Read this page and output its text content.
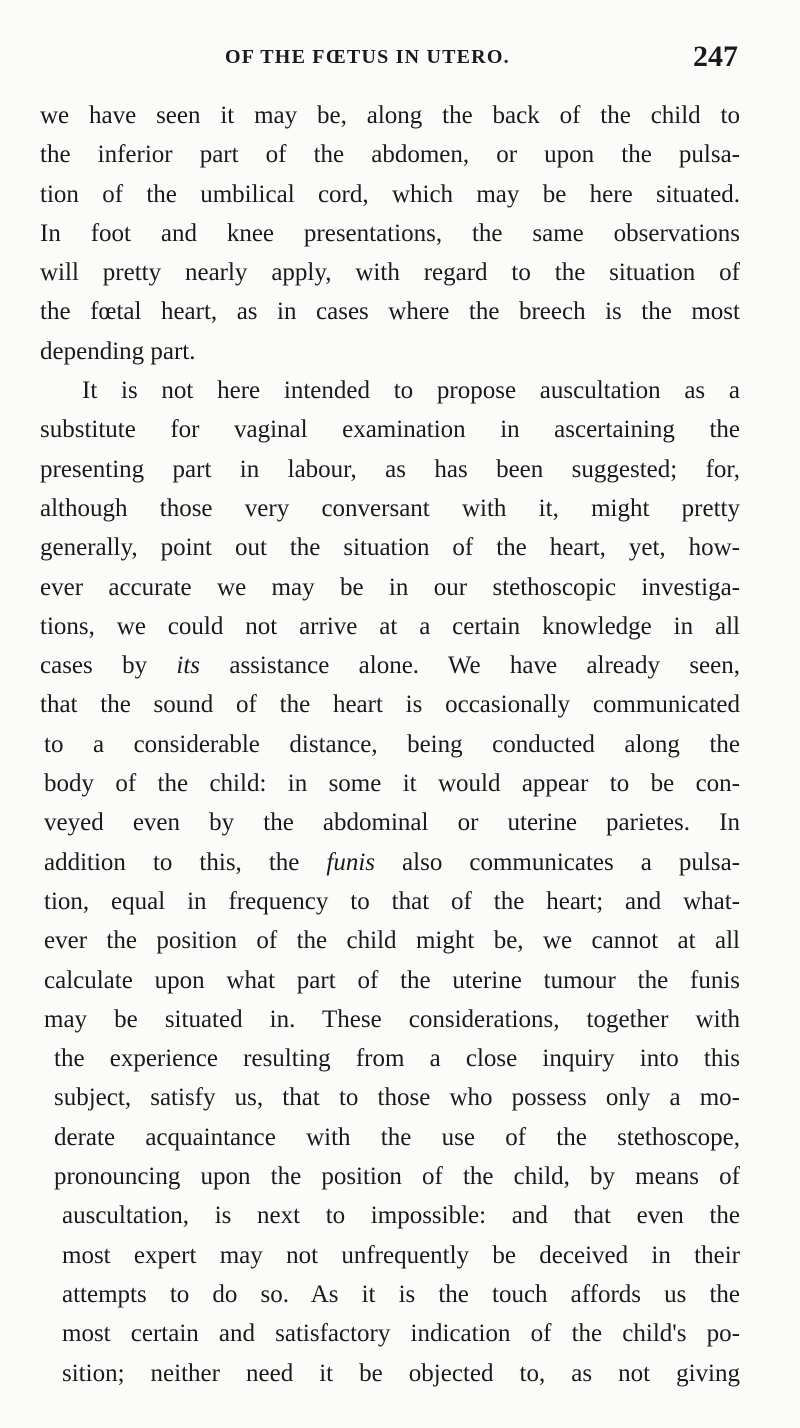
OF THE FŒTUS IN UTERO.	247
we have seen it may be, along the back of the child to
the inferior part of the abdomen, or upon the pulsa-
tion of the umbilical cord, which may be here situated.
In foot and knee presentations, the same observations
will pretty nearly apply, with regard to the situation of
the fœtal heart, as in cases where the breech is the most
depending part.
It is not here intended to propose auscultation as a
substitute for vaginal examination in ascertaining the
presenting part in labour, as has been suggested; for,
although those very conversant with it, might pretty
generally, point out the situation of the heart, yet, how-
ever accurate we may be in our stethoscopic investiga-
tions, we could not arrive at a certain knowledge in all
cases by its assistance alone. We have already seen,
that the sound of the heart is occasionally communicated
to a considerable distance, being conducted along the
body of the child: in some it would appear to be con-
veyed even by the abdominal or uterine parietes. In
addition to this, the funis also communicates a pulsa-
tion, equal in frequency to that of the heart; and what-
ever the position of the child might be, we cannot at all
calculate upon what part of the uterine tumour the funis
may be situated in. These considerations, together with
the experience resulting from a close inquiry into this
subject, satisfy us, that to those who possess only a mo-
derate acquaintance with the use of the stethoscope,
pronouncing upon the position of the child, by means of
auscultation, is next to impossible: and that even the
most expert may not unfrequently be deceived in their
attempts to do so. As it is the touch affords us the
most certain and satisfactory indication of the child's po-
sition; neither need it be objected to, as not giving
